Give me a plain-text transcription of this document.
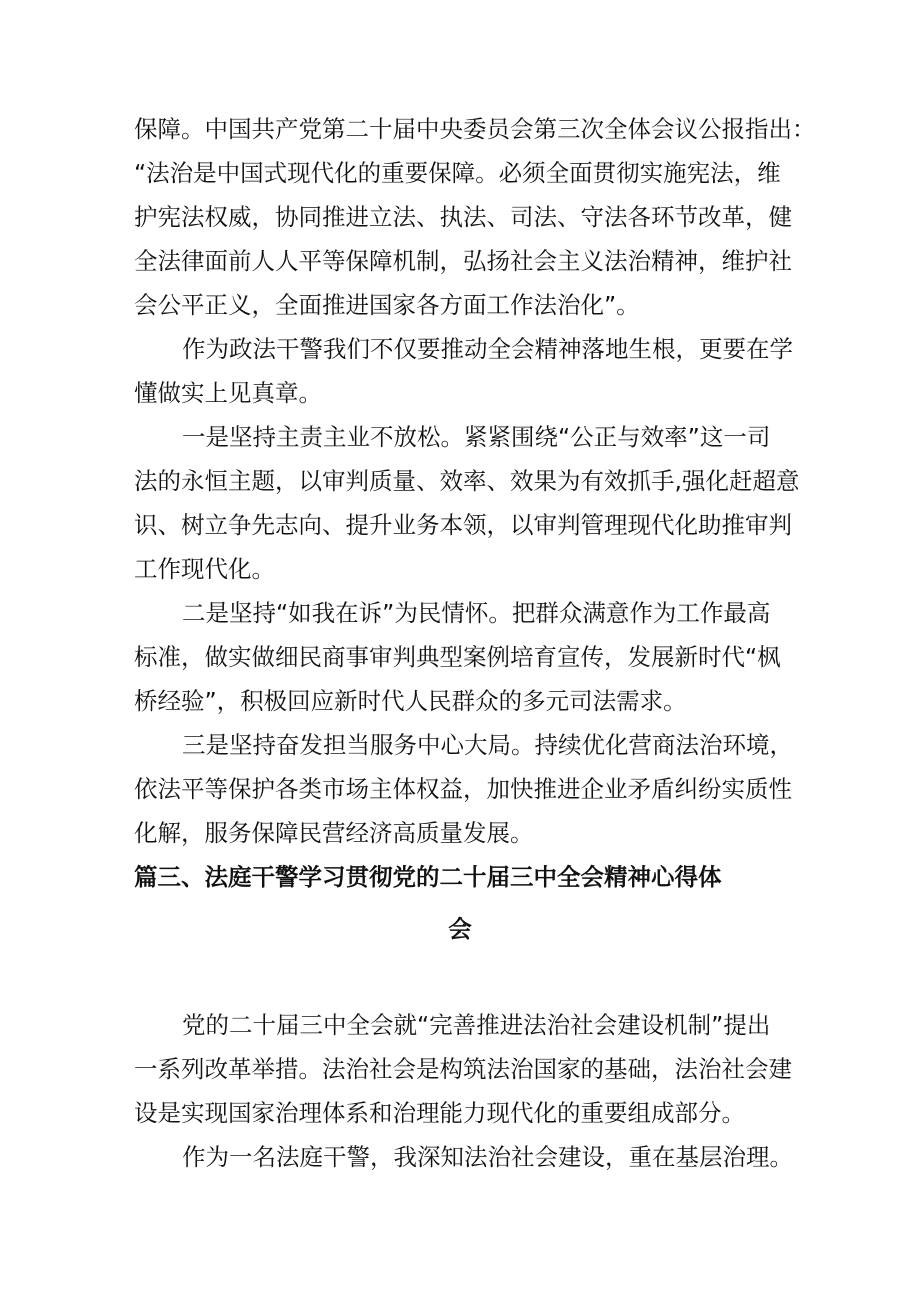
保障。中国共产党第二十届中央委员会第三次全体会议公报指出：
“法治是中国式现代化的重要保障。必须全面贯彻实施宪法，维
护宪法权威，协同推进立法、执法、司法、守法各环节改革，健
全法律面前人人平等保障机制，弘扬社会主义法治精神，维护社
会公平正义，全面推进国家各方面工作法治化”。
作为政法干警我们不仅要推动全会精神落地生根，更要在学
懂做实上见真章。
一是坚持主责主业不放松。紧紧围绕“公正与效率”这一司
法的永恒主题，以审判质量、效率、效果为有效抓手,强化赶超意
识、树立争先志向、提升业务本领，以审判管理现代化助推审判
工作现代化。
二是坚持“如我在诉”为民情怀。把群众满意作为工作最高
标准，做实做细民商事审判典型案例培育宣传，发展新时代“枫
桥经验”，积极回应新时代人民群众的多元司法需求。
三是坚持奋发担当服务中心大局。持续优化营商法治环境，
依法平等保护各类市场主体权益，加快推进企业矛盾纠纷实质性
化解，服务保障民营经济高质量发展。
篇三、法庭干警学习贯彻党的二十届三中全会精神心得体
会
党的二十届三中全会就“完善推进法治社会建设机制”提出
一系列改革举措。法治社会是构筑法治国家的基础，法治社会建
设是实现国家治理体系和治理能力现代化的重要组成部分。
作为一名法庭干警，我深知法治社会建设，重在基层治理。
